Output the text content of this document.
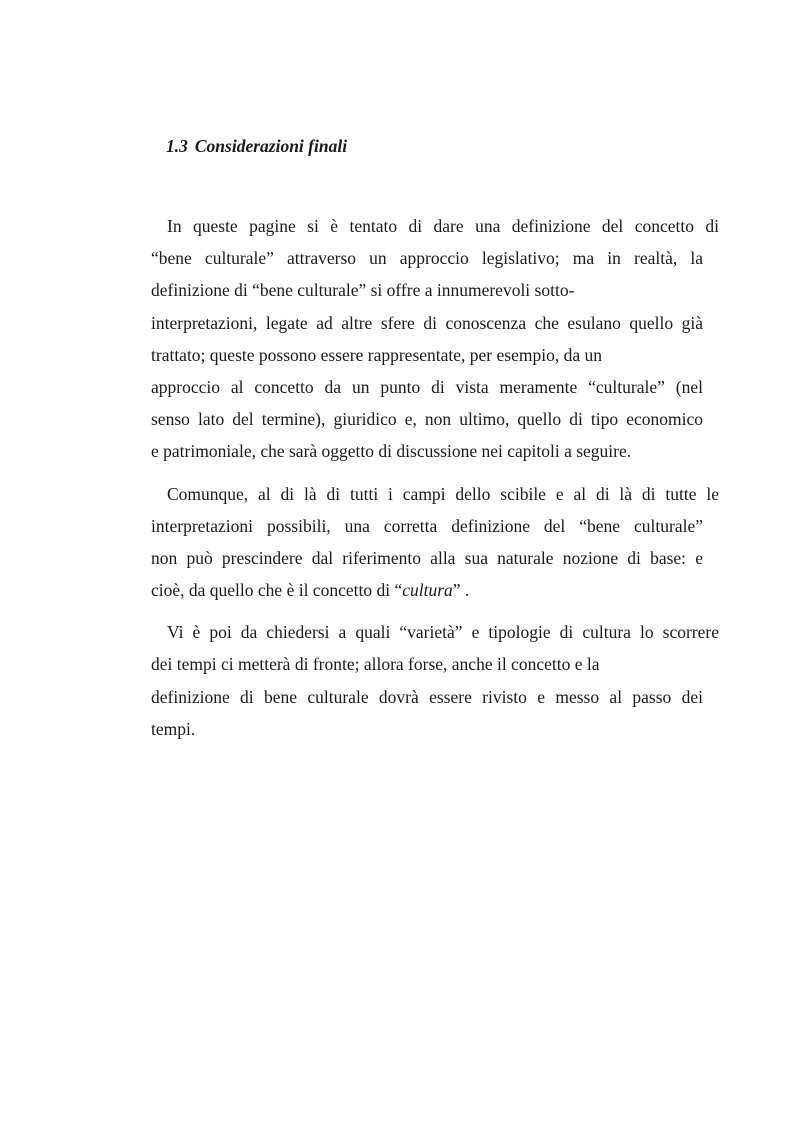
1.3 Considerazioni finali
In queste pagine si è tentato di dare una definizione del concetto di
“bene culturale” attraverso un approccio legislativo; ma in realtà, la
definizione di “bene culturale” si offre a innumerevoli sotto-
interpretazioni, legate ad altre sfere di conoscenza che esulano quello già
trattato; queste possono essere rappresentate, per esempio, da un
approccio al concetto da un punto di vista meramente “culturale” (nel
senso lato del termine), giuridico e, non ultimo, quello di tipo economico
e patrimoniale, che sarà oggetto di discussione nei capitoli a seguire.
Comunque, al di là di tutti i campi dello scibile e al di là di tutte le
interpretazioni possibili, una corretta definizione del “bene culturale”
non può prescindere dal riferimento alla sua naturale nozione di base: e
cioè, da quello che è il concetto di “cultura” .
Vi è poi da chiedersi a quali “varietà” e tipologie di cultura lo scorrere
dei tempi ci metterà di fronte; allora forse, anche il concetto e la
definizione di bene culturale dovrà essere rivisto e messo al passo dei
tempi.
